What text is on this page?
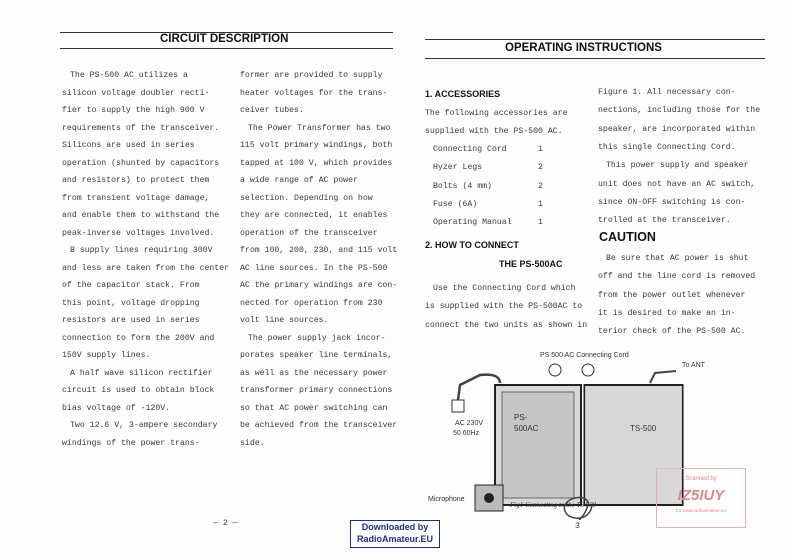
CIRCUIT DESCRIPTION
The PS-500 AC utilizes a
silicon voltage doubler recti-
fier to supply the high 900 V
requirements of the transceiver.
Silicons are used in series
operation (shunted by capacitors
and resistors) to protect them
from transient voltage damage,
and enable them to withstand the
peak-inverse voltages involved.
B supply lines requiring 300V
and less are taken from the center
of the capacitor stack. From
this point, voltage dropping
resistors are used in series
connection to form the 200V and
150V supply lines.
A half wave silicon rectifier
circuit is used to obtain block
bias voltage of -120V.
Two 12.6 V, 3-ampere secondary
windings of the power trans-
former are provided to supply
heater voltages for the trans-
ceiver tubes.
The Power Transformer has two
115 volt primary windings, both
tapped at 100 V, which provides
a wide range of AC power
selection. Depending on how
they are connected, it enables
operation of the transceiver
from 100, 200, 230, and 115 volt
AC line sources. In the PS-500
AC the primary windings are con-
nected for operation from 230
volt line sources.
The power supply jack incor-
porates speaker line terminals,
as well as the necessary power
transformer primary connections
so that AC power switching can
be achieved from the transceiver
side.
— 2 —
OPERATING INSTRUCTIONS
1. ACCESSORIES
The following accessories are
supplied with the PS-500 AC.
Connecting Cord	1
Hyzer Legs	2
Bolts (4 mm)	2
Fuse (6A)	1
Operating Manual	1
Use the Connecting Cord which
is supplied with the PS-500AC to
connect the two units as shown in
Be sure that AC power is shut
off and the line cord is removed
from the power outlet whenever
it is desired to make an in-
terior check of the PS-500 AC.
2. HOW TO CONNECT
THE PS-500AC
Figure 1. All necessary con-
nections, including those for the
speaker, are incorporated within
this single Connecting Cord.
This power supply and speaker
unit does not have an AC switch,
since ON-OFF switching is con-
trolled at the transceiver.
CAUTION
To ANT
Microphone
PS 500 AC Connecting Cord
AC 230V
50 60Hz
PS-
500AC	TS-500
Fig1 Connecting to the TS 500
3
Scanned by
IZ5IUY
for www.radioamateur.eu
Downloaded by
RadioAmateur.EU
